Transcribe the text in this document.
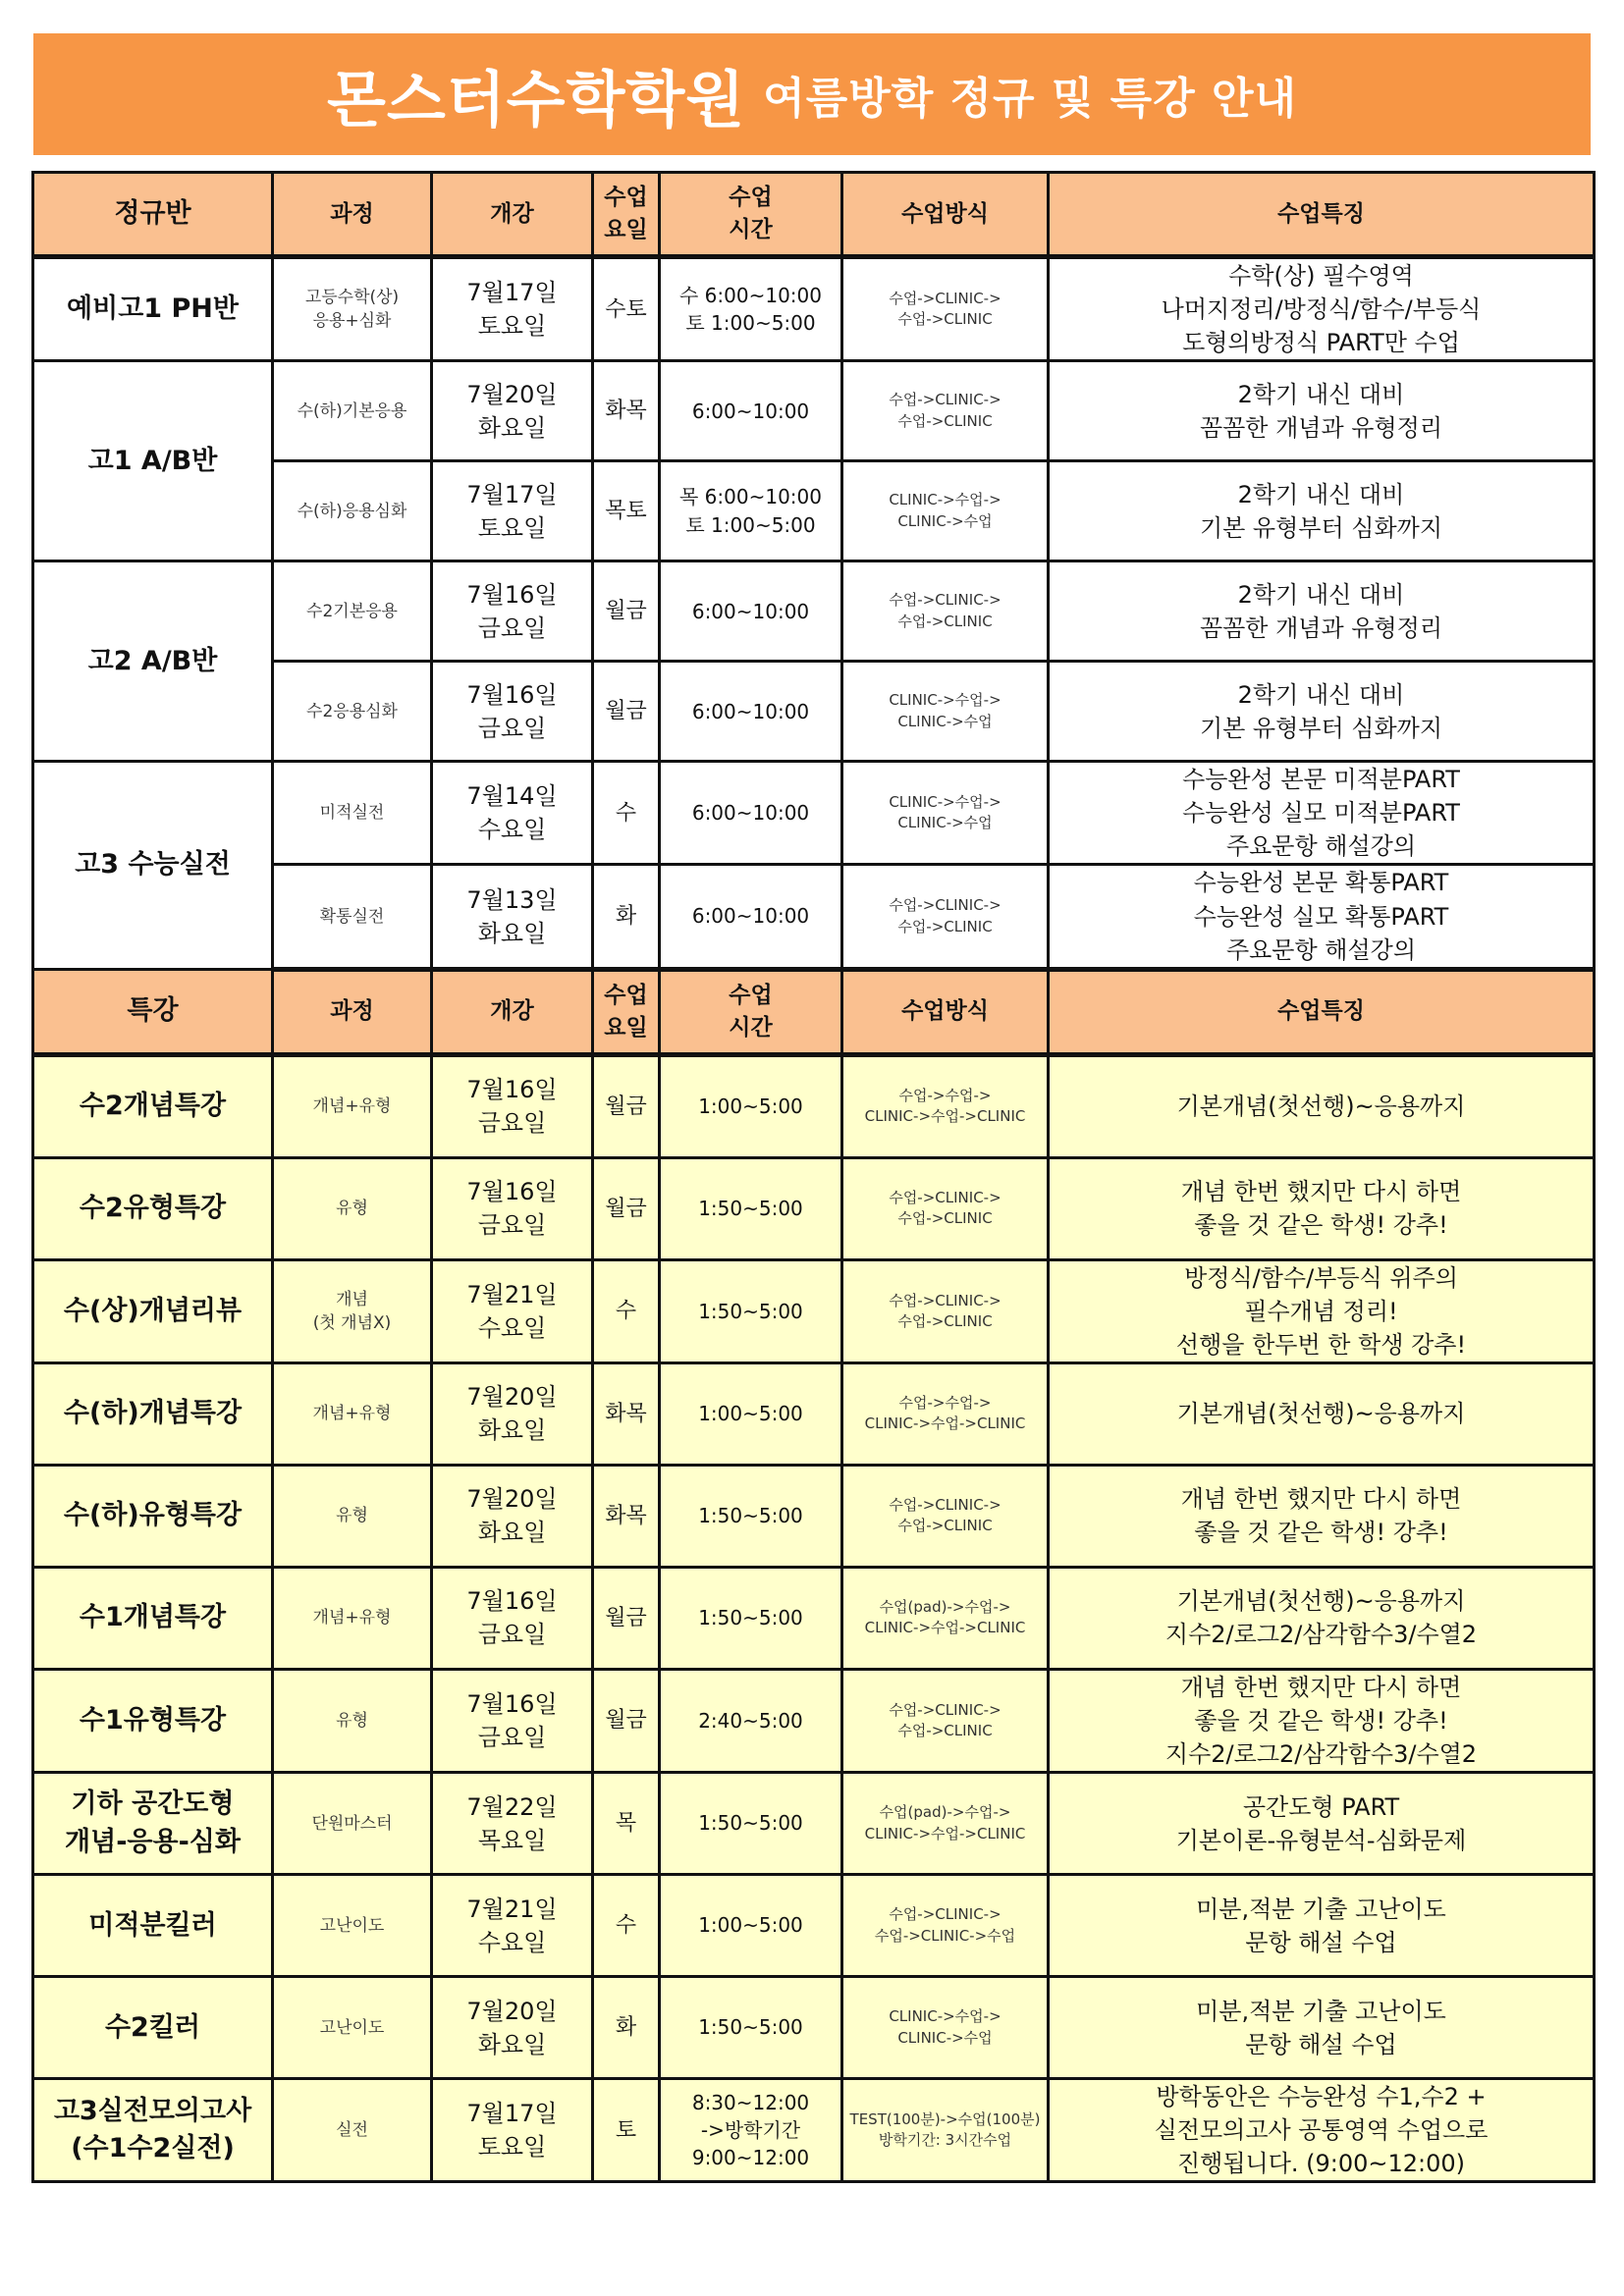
몬스터수학학원 여름방학 정규 및 특강 안내
정규반	과정	개강	수업
요일	수업
시간	수업방식	수업특징

예비고1 PH반	고등수학(상)
응용+심화	7월17일
토요일	수토	수 6:00~10:00
토 1:00~5:00	수업->CLINIC->
수업->CLINIC	수학(상) 필수영역
나머지정리/방정식/함수/부등식
도형의방정식 PART만 수업

고1 A/B반	수(하)기본응용	7월20일
화요일	화목	6:00~10:00	수업->CLINIC->
수업->CLINIC	2학기 내신 대비
꼼꼼한 개념과 유형정리

	수(하)응용심화	7월17일
토요일	목토	목 6:00~10:00
토 1:00~5:00	CLINIC->수업->
CLINIC->수업	2학기 내신 대비
기본 유형부터 심화까지

고2 A/B반	수2기본응용	7월16일
금요일	월금	6:00~10:00	수업->CLINIC->
수업->CLINIC	2학기 내신 대비
꼼꼼한 개념과 유형정리

	수2응용심화	7월16일
금요일	월금	6:00~10:00	CLINIC->수업->
CLINIC->수업	2학기 내신 대비
기본 유형부터 심화까지

고3 수능실전	미적실전	7월14일
수요일	수	6:00~10:00	CLINIC->수업->
CLINIC->수업	수능완성 본문 미적분PART
수능완성 실모 미적분PART
주요문항 해설강의

	확통실전	7월13일
화요일	화	6:00~10:00	수업->CLINIC->
수업->CLINIC	수능완성 본문 확통PART
수능완성 실모 확통PART
주요문항 해설강의

특강	과정	개강	수업
요일	수업
시간	수업방식	수업특징

수2개념특강	개념+유형	7월16일
금요일	월금	1:00~5:00	수업->수업->
CLINIC->수업->CLINIC	기본개념(첫선행)~응용까지

수2유형특강	유형	7월16일
금요일	월금	1:50~5:00	수업->CLINIC->
수업->CLINIC	개념 한번 했지만 다시 하면
좋을 것 같은 학생! 강추!

수(상)개념리뷰	개념
(첫 개념X)	7월21일
수요일	수	1:50~5:00	수업->CLINIC->
수업->CLINIC	방정식/함수/부등식 위주의
필수개념 정리!
선행을 한두번 한 학생 강추!

수(하)개념특강	개념+유형	7월20일
화요일	화목	1:00~5:00	수업->수업->
CLINIC->수업->CLINIC	기본개념(첫선행)~응용까지

수(하)유형특강	유형	7월20일
화요일	화목	1:50~5:00	수업->CLINIC->
수업->CLINIC	개념 한번 했지만 다시 하면
좋을 것 같은 학생! 강추!

수1개념특강	개념+유형	7월16일
금요일	월금	1:50~5:00	수업(pad)->수업->
CLINIC->수업->CLINIC	기본개념(첫선행)~응용까지
지수2/로그2/삼각함수3/수열2

수1유형특강	유형	7월16일
금요일	월금	2:40~5:00	수업->CLINIC->
수업->CLINIC	개념 한번 했지만 다시 하면
좋을 것 같은 학생! 강추!
지수2/로그2/삼각함수3/수열2

기하 공간도형
개념-응용-심화	단원마스터	7월22일
목요일	목	1:50~5:00	수업(pad)->수업->
CLINIC->수업->CLINIC	공간도형 PART
기본이론-유형분석-심화문제

미적분킬러	고난이도	7월21일
수요일	수	1:00~5:00	수업->CLINIC->
수업->CLINIC->수업	미분,적분 기출 고난이도
문항 해설 수업

수2킬러	고난이도	7월20일
화요일	화	1:50~5:00	CLINIC->수업->
CLINIC->수업	미분,적분 기출 고난이도
문항 해설 수업

고3실전모의고사
(수1수2실전)	실전	7월17일
토요일	토	8:30~12:00
->방학기간
9:00~12:00	TEST(100분)->수업(100분)
방학기간: 3시간수업	방학동안은 수능완성 수1,수2 +
실전모의고사 공통영역 수업으로
진행됩니다. (9:00~12:00)
